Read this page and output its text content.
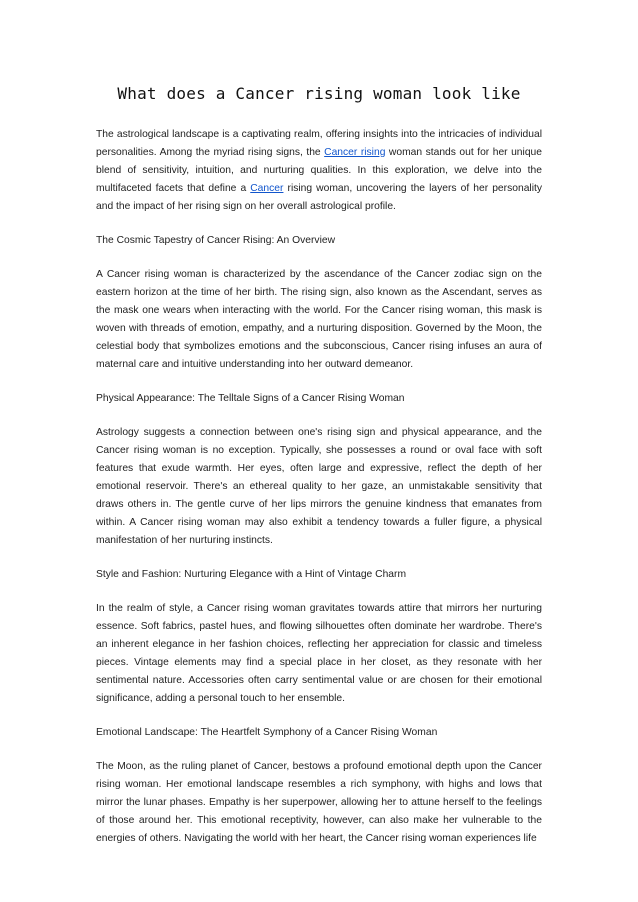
What does a Cancer rising woman look like

The astrological landscape is a captivating realm, offering insights into the intricacies of individual personalities. Among the myriad rising signs, the Cancer rising woman stands out for her unique blend of sensitivity, intuition, and nurturing qualities. In this exploration, we delve into the multifaceted facets that define a Cancer rising woman, uncovering the layers of her personality and the impact of her rising sign on her overall astrological profile.

The Cosmic Tapestry of Cancer Rising: An Overview

A Cancer rising woman is characterized by the ascendance of the Cancer zodiac sign on the eastern horizon at the time of her birth. The rising sign, also known as the Ascendant, serves as the mask one wears when interacting with the world. For the Cancer rising woman, this mask is woven with threads of emotion, empathy, and a nurturing disposition. Governed by the Moon, the celestial body that symbolizes emotions and the subconscious, Cancer rising infuses an aura of maternal care and intuitive understanding into her outward demeanor.

Physical Appearance: The Telltale Signs of a Cancer Rising Woman

Astrology suggests a connection between one's rising sign and physical appearance, and the Cancer rising woman is no exception. Typically, she possesses a round or oval face with soft features that exude warmth. Her eyes, often large and expressive, reflect the depth of her emotional reservoir. There's an ethereal quality to her gaze, an unmistakable sensitivity that draws others in. The gentle curve of her lips mirrors the genuine kindness that emanates from within. A Cancer rising woman may also exhibit a tendency towards a fuller figure, a physical manifestation of her nurturing instincts.

Style and Fashion: Nurturing Elegance with a Hint of Vintage Charm

In the realm of style, a Cancer rising woman gravitates towards attire that mirrors her nurturing essence. Soft fabrics, pastel hues, and flowing silhouettes often dominate her wardrobe. There's an inherent elegance in her fashion choices, reflecting her appreciation for classic and timeless pieces. Vintage elements may find a special place in her closet, as they resonate with her sentimental nature. Accessories often carry sentimental value or are chosen for their emotional significance, adding a personal touch to her ensemble.

Emotional Landscape: The Heartfelt Symphony of a Cancer Rising Woman

The Moon, as the ruling planet of Cancer, bestows a profound emotional depth upon the Cancer rising woman. Her emotional landscape resembles a rich symphony, with highs and lows that mirror the lunar phases. Empathy is her superpower, allowing her to attune herself to the feelings of those around her. This emotional receptivity, however, can also make her vulnerable to the energies of others. Navigating the world with her heart, the Cancer rising woman experiences life
